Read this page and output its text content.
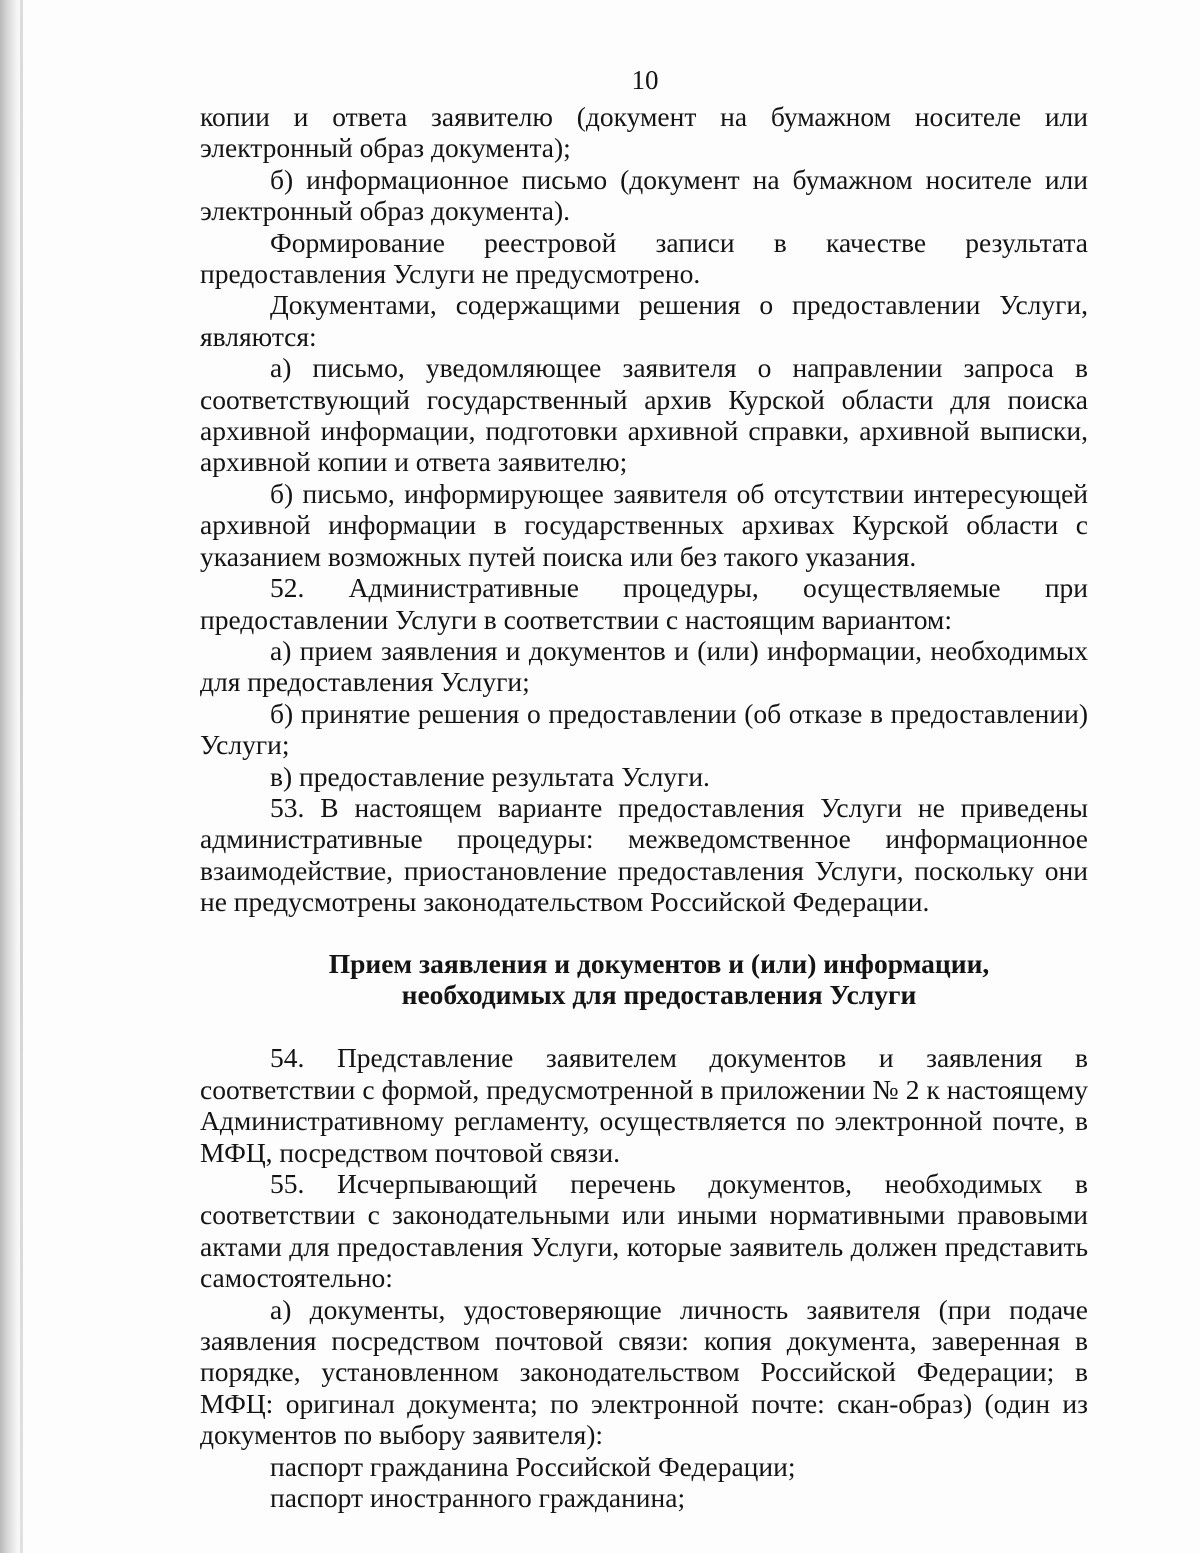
10

копии и ответа заявителю (документ на бумажном носителе или электронный образ документа);

б) информационное письмо (документ на бумажном носителе или электронный образ документа).

Формирование реестровой записи в качестве результата предоставления Услуги не предусмотрено.

Документами, содержащими решения о предоставлении Услуги, являются:

а) письмо, уведомляющее заявителя о направлении запроса в соответствующий государственный архив Курской области для поиска архивной информации, подготовки архивной справки, архивной выписки, архивной копии и ответа заявителю;

б) письмо, информирующее заявителя об отсутствии интересующей архивной информации в государственных архивах Курской области с указанием возможных путей поиска или без такого указания.

52. Административные процедуры, осуществляемые при предоставлении Услуги в соответствии с настоящим вариантом:

а) прием заявления и документов и (или) информации, необходимых для предоставления Услуги;

б) принятие решения о предоставлении (об отказе в предоставлении) Услуги;

в) предоставление результата Услуги.

53. В настоящем варианте предоставления Услуги не приведены административные процедуры: межведомственное информационное взаимодействие, приостановление предоставления Услуги, поскольку они не предусмотрены законодательством Российской Федерации.

Прием заявления и документов и (или) информации,
необходимых для предоставления Услуги

54. Представление заявителем документов и заявления в соответствии с формой, предусмотренной в приложении № 2 к настоящему Административному регламенту, осуществляется по электронной почте, в МФЦ, посредством почтовой связи.

55. Исчерпывающий перечень документов, необходимых в соответствии с законодательными или иными нормативными правовыми актами для предоставления Услуги, которые заявитель должен представить самостоятельно:

а) документы, удостоверяющие личность заявителя (при подаче заявления посредством почтовой связи: копия документа, заверенная в порядке, установленном законодательством Российской Федерации; в МФЦ: оригинал документа; по электронной почте: скан-образ) (один из документов по выбору заявителя):

паспорт гражданина Российской Федерации;

паспорт иностранного гражданина;
